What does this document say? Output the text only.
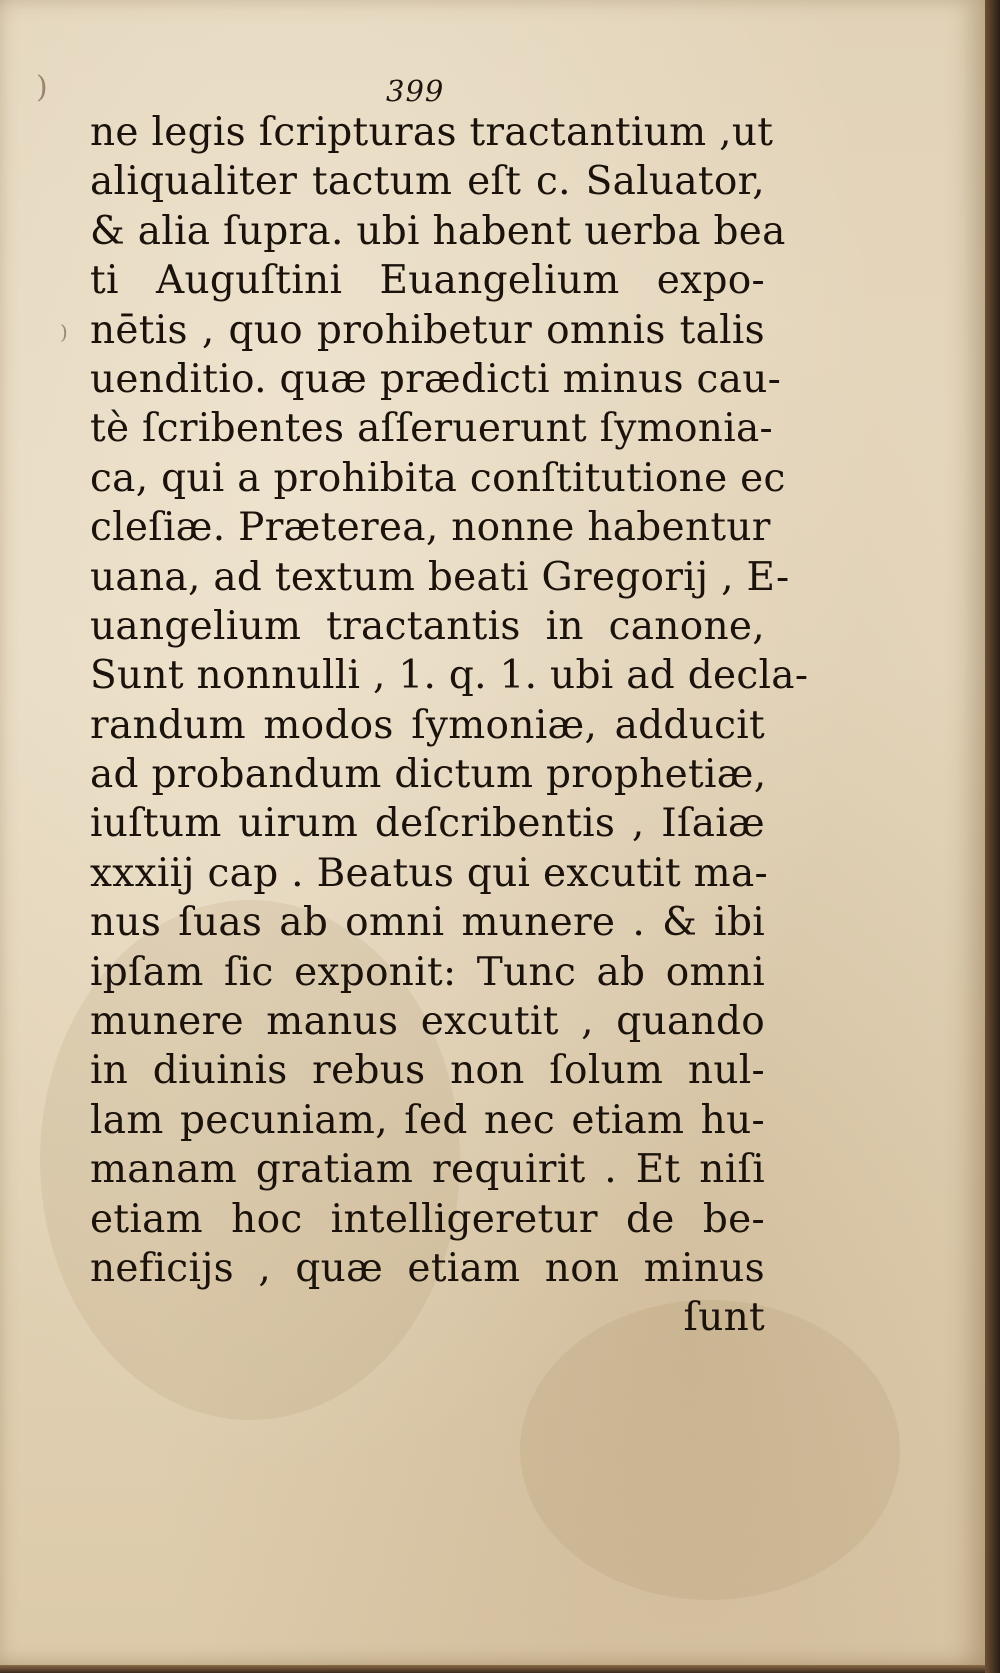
)
)
399
ne legis ſcripturas tractantium ,ut
aliqualiter tactum eſt c. Saluator,
& alia ſupra. ubi habent uerba bea
ti Auguſtini Euangelium expo-
nētis , quo prohibetur omnis talis
uenditio. quæ prædicti minus cau-
tè ſcribentes aſſeruerunt ſymonia-
ca, qui a prohibita conſtitutione ec
cleſiæ. Præterea, nonne habentur
uana, ad textum beati Gregorij , E-
uangelium tractantis in canone,
Sunt nonnulli , 1. q. 1. ubi ad decla-
randum modos ſymoniæ, adducit
ad probandum dictum prophetiæ,
iuſtum uirum deſcribentis , Iſaiæ
xxxiij cap . Beatus qui excutit ma-
nus ſuas ab omni munere . & ibi
ipſam ſic exponit: Tunc ab omni
munere manus excutit , quando
in diuinis rebus non ſolum nul-
lam pecuniam, ſed nec etiam hu-
manam gratiam requirit . Et niſi
etiam hoc intelligeretur de be-
neficijs , quæ etiam non minus
ſunt
